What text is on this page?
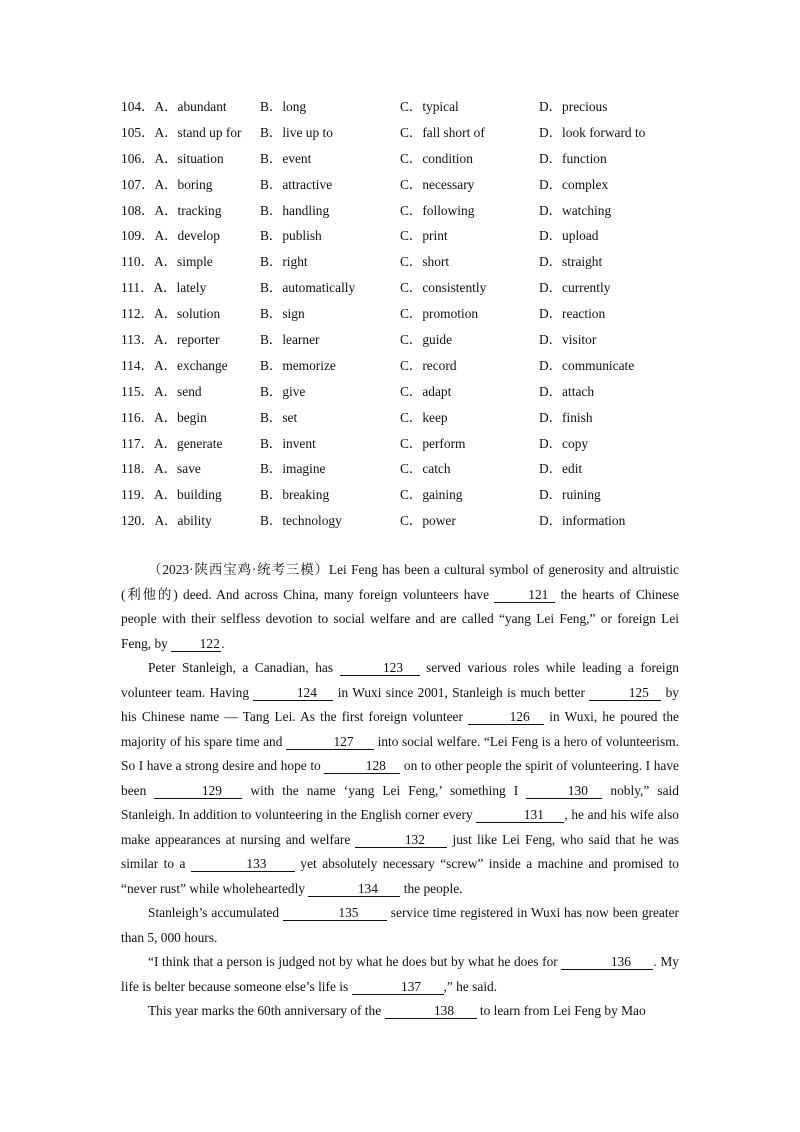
104．A．abundant B．long	C．typical	D．precious
105．A．stand up for B．live up to	C．fall short of	D．look forward to
106．A．situation	B．event	C．condition	D．function
107．A．boring	B．attractive	C．necessary	D．complex
108．A．tracking	B．handling	C．following	D．watching
109．A．develop	B．publish	C．print	D．upload
110．A．simple	B．right	C．short	D．straight
111．A．lately	B．automatically	C．consistently	D．currently
112．A．solution	B．sign	C．promotion	D．reaction
113．A．reporter	B．learner	C．guide	D．visitor
114．A．exchange B．memorize	C．record	D．communicate
115．A．send	B．give	C．adapt	D．attach
116．A．begin	B．set	C．keep	D．finish
117．A．generate	B．invent	C．perform	D．copy
118．A．save	B．imagine	C．catch	D．edit
119．A．building	B．breaking	C．gaining	D．ruining
120．A．ability	B．technology	C．power	D．information

（2023·陕西宝鸡·统考三模）Lei Feng has been a cultural symbol of generosity and altruistic (利他的) deed. And across China, many foreign volunteers have	121 the hearts of Chinese people with their selfless devotion to social welfare and are called “yang Lei Feng,” or foreign Lei Feng, by 122.

Peter Stanleigh, a Canadian, has	123 served various roles while leading a foreign volunteer team. Having	124 in Wuxi since 2001, Stanleigh is much better	125 by his Chinese name — Tang Lei. As the first foreign volunteer	126 in Wuxi, he poured the majority of his spare time and	127 into social welfare. “Lei Feng is a hero of volunteerism. So I have a strong desire and hope to	128 on to other people the spirit of volunteering. I have been	129 with the name ‘yang Lei Feng,’ something I	130 nobly,” said Stanleigh. In addition to volunteering in the English corner every	131 , he and his wife also make appearances at nursing and welfare	132 just like Lei Feng, who said that he was similar to a	133 yet absolutely necessary “screw” inside a machine and promised to “never rust” while wholeheartedly	134 the people.

Stanleigh’s accumulated	135 service time registered in Wuxi has now been greater than 5, 000 hours.

“I think that a person is judged not by what he does but by what he does for	136 . My life is belter because someone else’s life is	137 ,” he said.

This year marks the 60th anniversary of the	138 to learn from Lei Feng by Mao
